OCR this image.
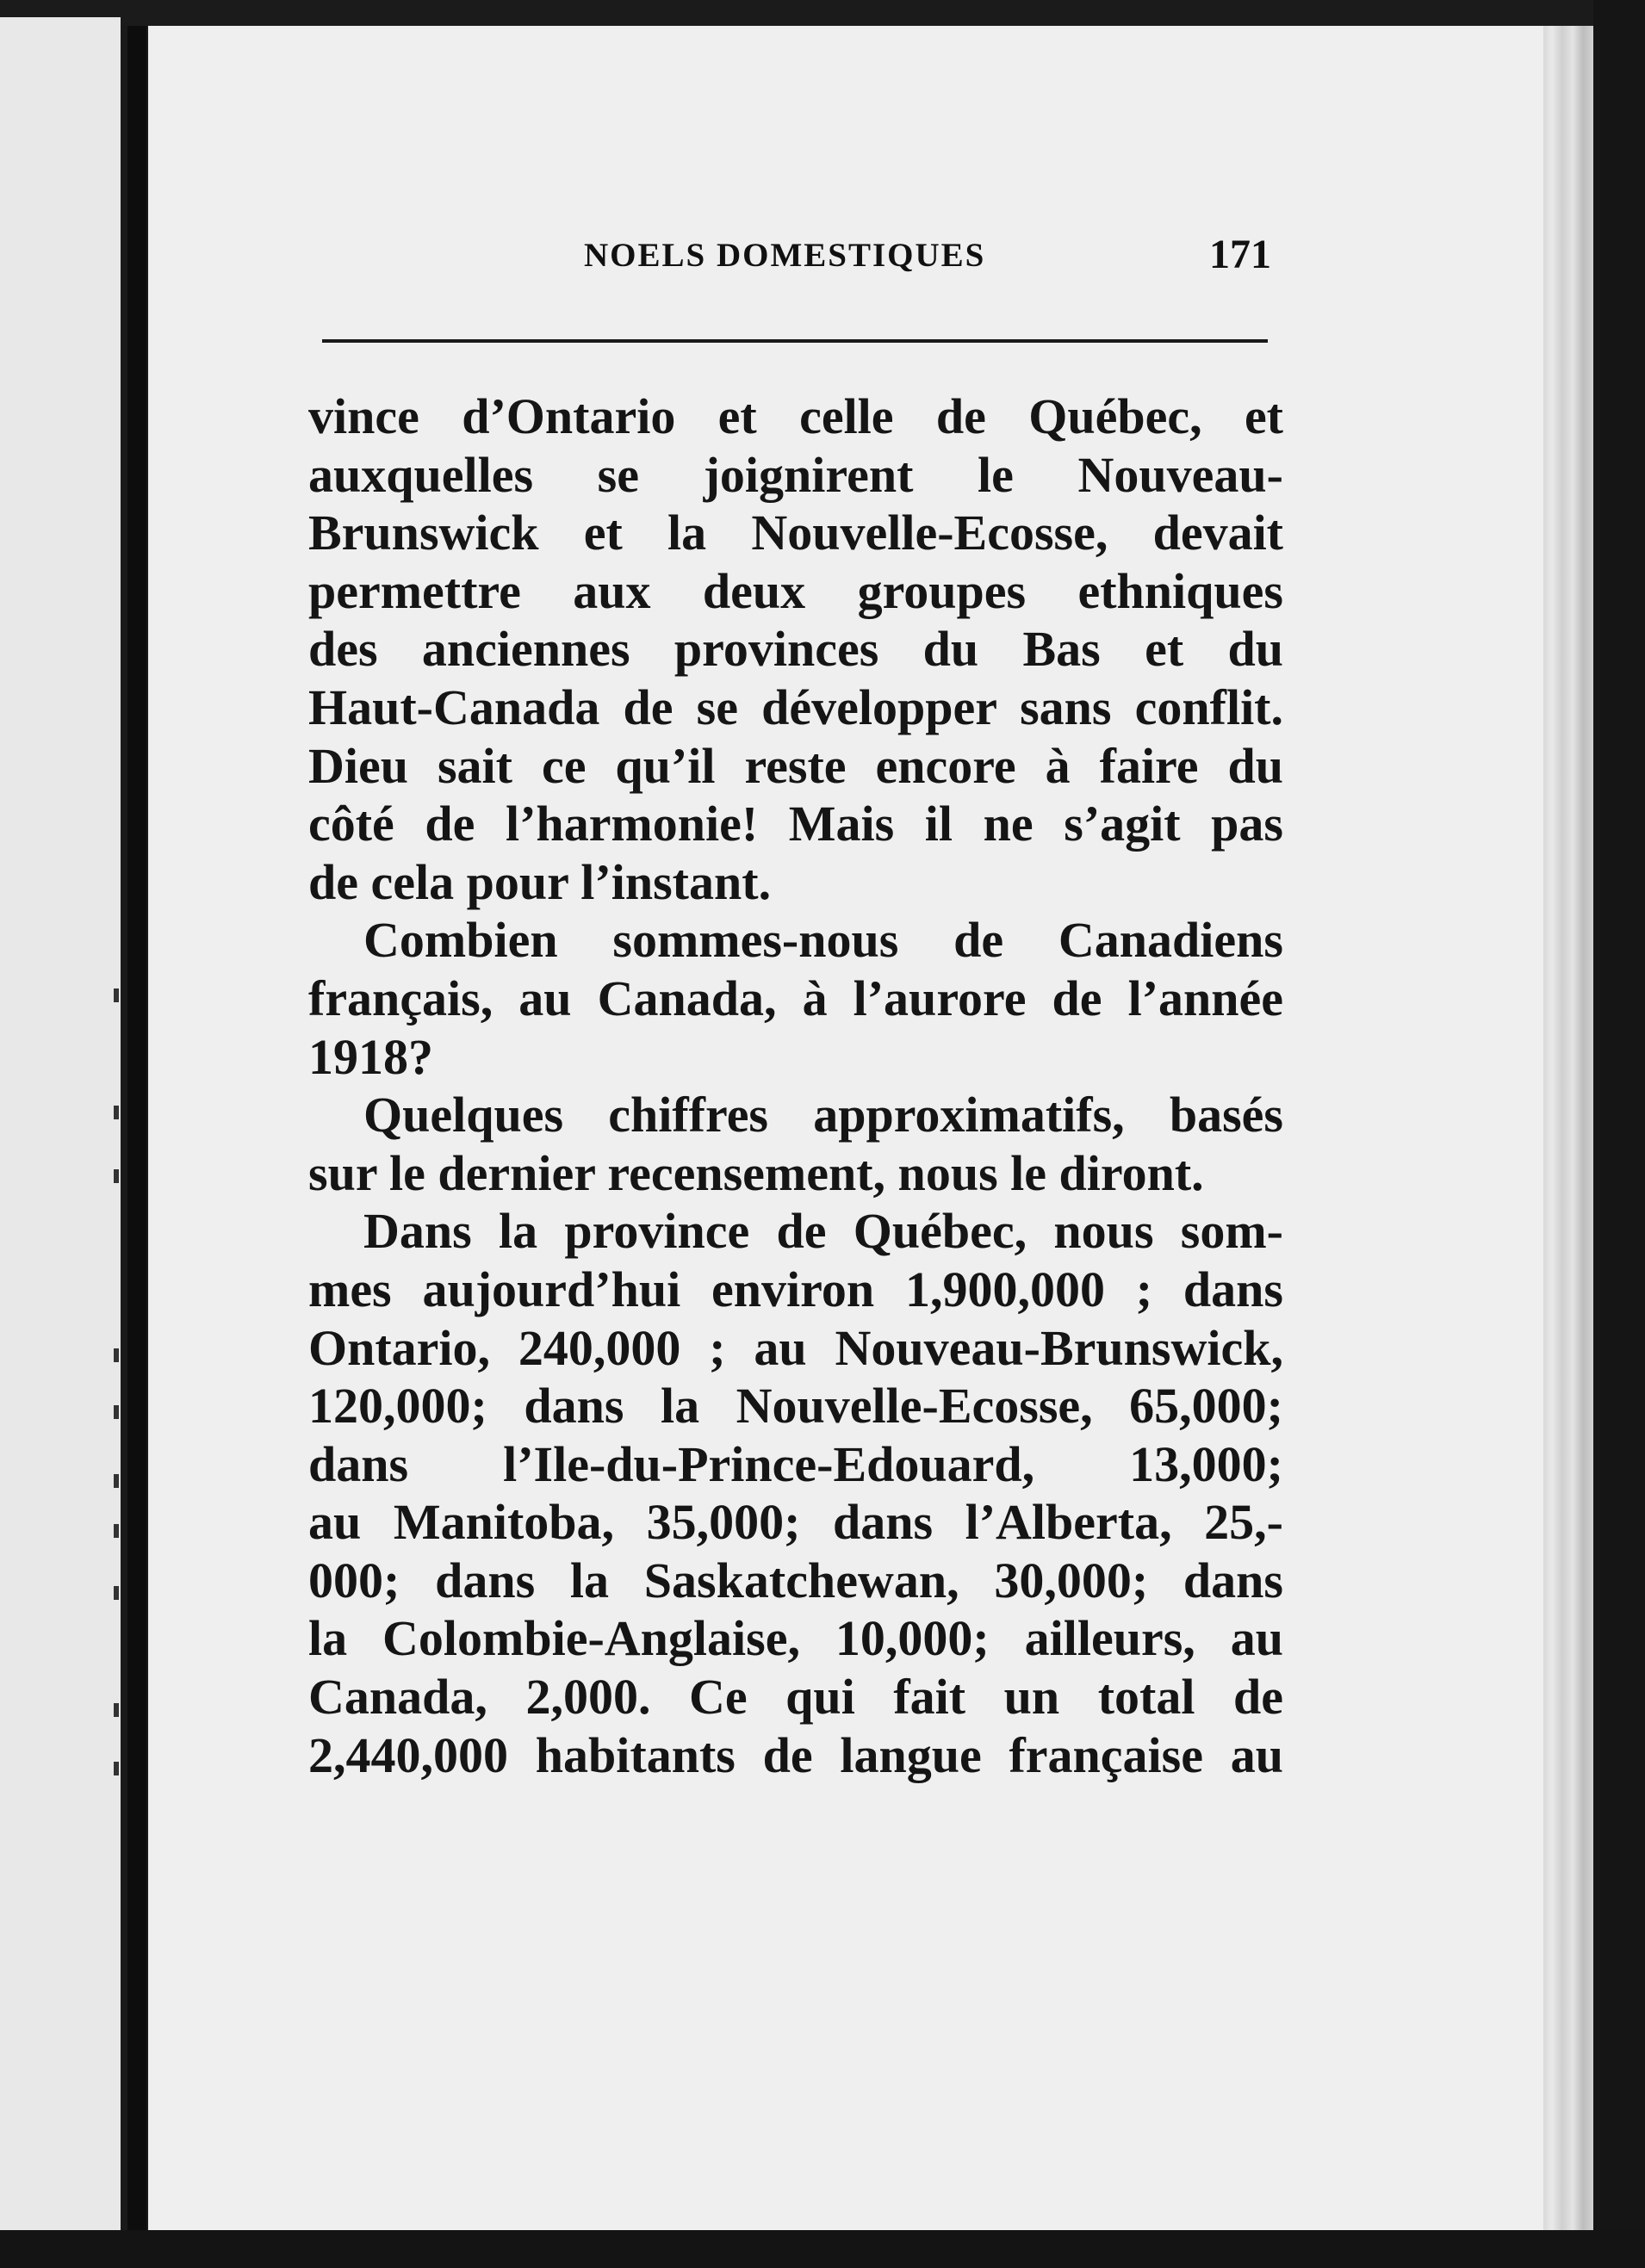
NOELS DOMESTIQUES	171
vince d’Ontario et celle de Québec, et
auxquelles se joignirent le Nouveau-
Brunswick et la Nouvelle-Ecosse, devait
permettre aux deux groupes ethniques
des anciennes provinces du Bas et du
Haut-Canada de se développer sans conflit.
Dieu sait ce qu’il reste encore à faire du
côté de l’harmonie! Mais il ne s’agit pas
de cela pour l’instant.
Combien sommes-nous de Canadiens
français, au Canada, à l’aurore de l’année
1918?
Quelques chiffres approximatifs, basés
sur le dernier recensement, nous le diront.
Dans la province de Québec, nous som-
mes aujourd’hui environ 1,900,000 ; dans
Ontario, 240,000 ; au Nouveau-Brunswick,
120,000; dans la Nouvelle-Ecosse, 65,000;
dans l’Ile-du-Prince-Edouard, 13,000;
au Manitoba, 35,000; dans l’Alberta, 25,-
000; dans la Saskatchewan, 30,000; dans
la Colombie-Anglaise, 10,000; ailleurs, au
Canada, 2,000. Ce qui fait un total de
2,440,000 habitants de langue française au
